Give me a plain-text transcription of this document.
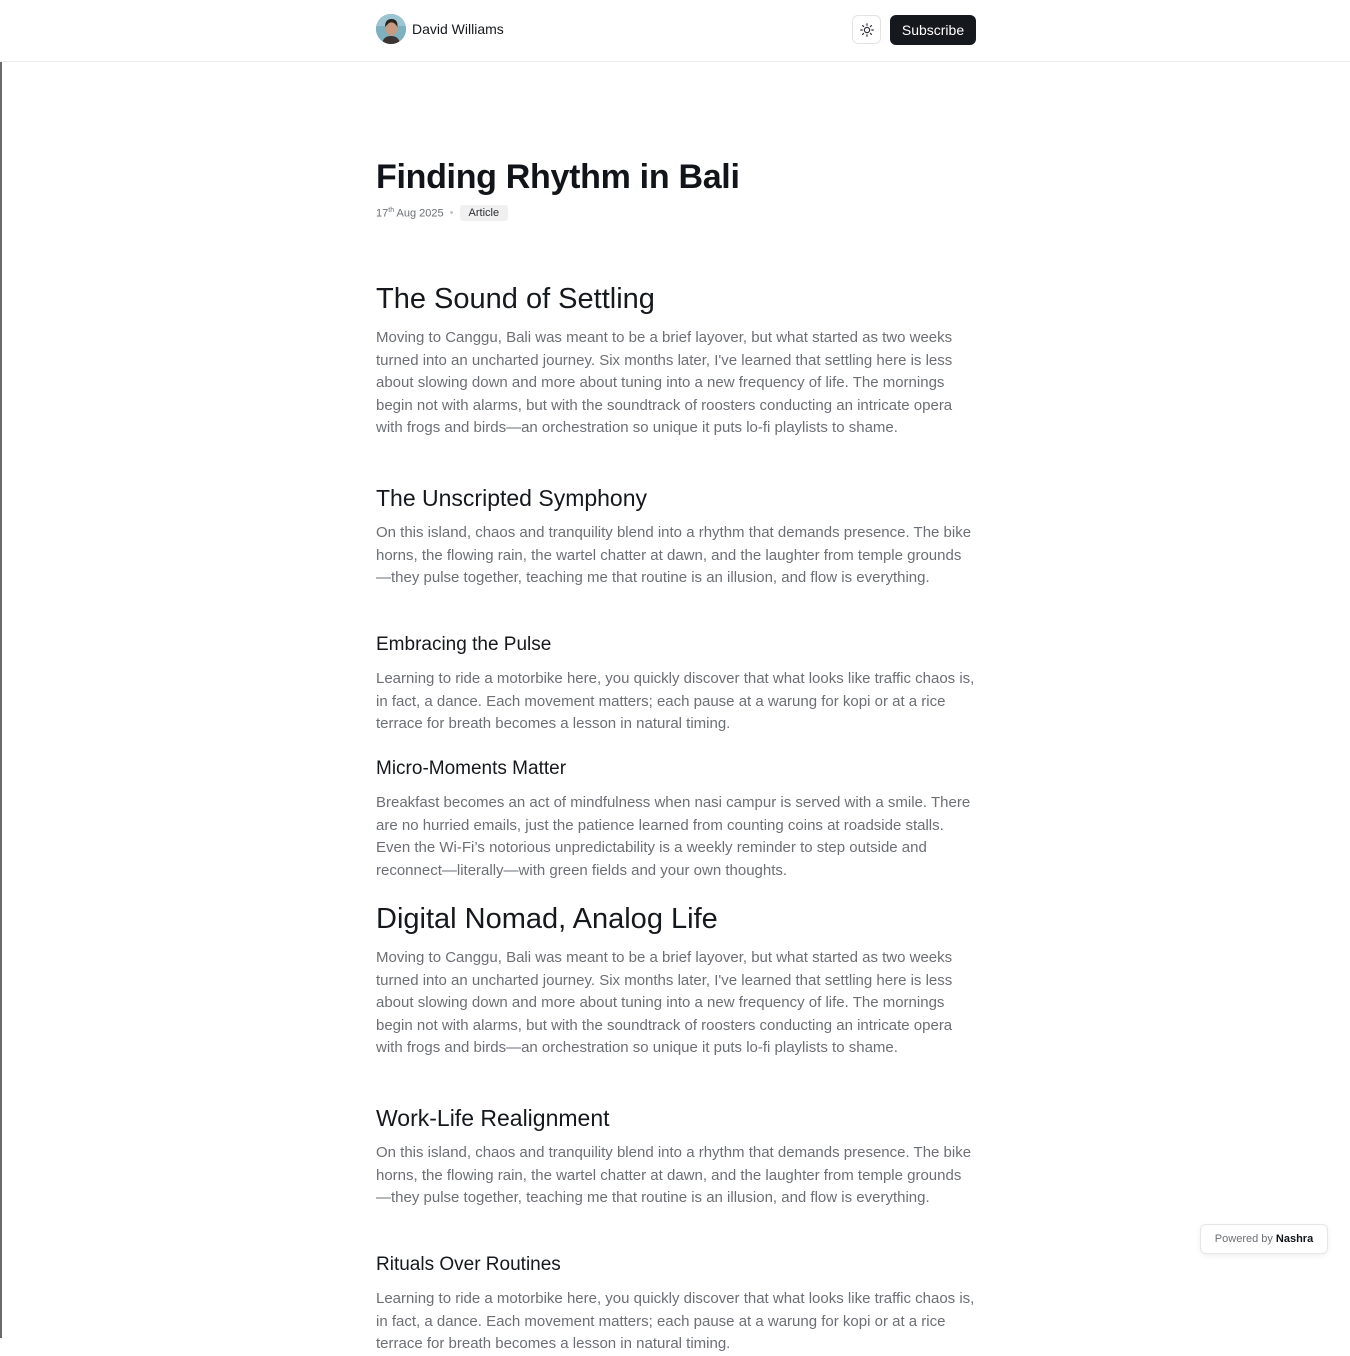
David Williams	Subscribe
Finding Rhythm in Bali
17th Aug 2025 •	Article
The Sound of Settling

Moving to Canggu, Bali was meant to be a brief layover, but what started as two weeks turned into an uncharted journey. Six months later, I've learned that settling here is less about slowing down and more about tuning into a new frequency of life. The mornings begin not with alarms, but with the soundtrack of roosters conducting an intricate opera with frogs and birds—an orchestration so unique it puts lo-fi playlists to shame.

The Unscripted Symphony

On this island, chaos and tranquility blend into a rhythm that demands presence. The bike horns, the flowing rain, the wartel chatter at dawn, and the laughter from temple grounds—they pulse together, teaching me that routine is an illusion, and flow is everything.

Embracing the Pulse

Learning to ride a motorbike here, you quickly discover that what looks like traffic chaos is, in fact, a dance. Each movement matters; each pause at a warung for kopi or at a rice terrace for breath becomes a lesson in natural timing.

Micro-Moments Matter

Breakfast becomes an act of mindfulness when nasi campur is served with a smile. There are no hurried emails, just the patience learned from counting coins at roadside stalls. Even the Wi-Fi’s notorious unpredictability is a weekly reminder to step outside and reconnect—literally—with green fields and your own thoughts.

Digital Nomad, Analog Life

Moving to Canggu, Bali was meant to be a brief layover, but what started as two weeks turned into an uncharted journey. Six months later, I've learned that settling here is less about slowing down and more about tuning into a new frequency of life. The mornings begin not with alarms, but with the soundtrack of roosters conducting an intricate opera with frogs and birds—an orchestration so unique it puts lo-fi playlists to shame.

Work-Life Realignment

On this island, chaos and tranquility blend into a rhythm that demands presence. The bike horns, the flowing rain, the wartel chatter at dawn, and the laughter from temple grounds—they pulse together, teaching me that routine is an illusion, and flow is everything.

Rituals Over Routines

Learning to ride a motorbike here, you quickly discover that what looks like traffic chaos is, in fact, a dance. Each movement matters; each pause at a warung for kopi or at a rice terrace for breath becomes a lesson in natural timing.

Powered by Nashra
